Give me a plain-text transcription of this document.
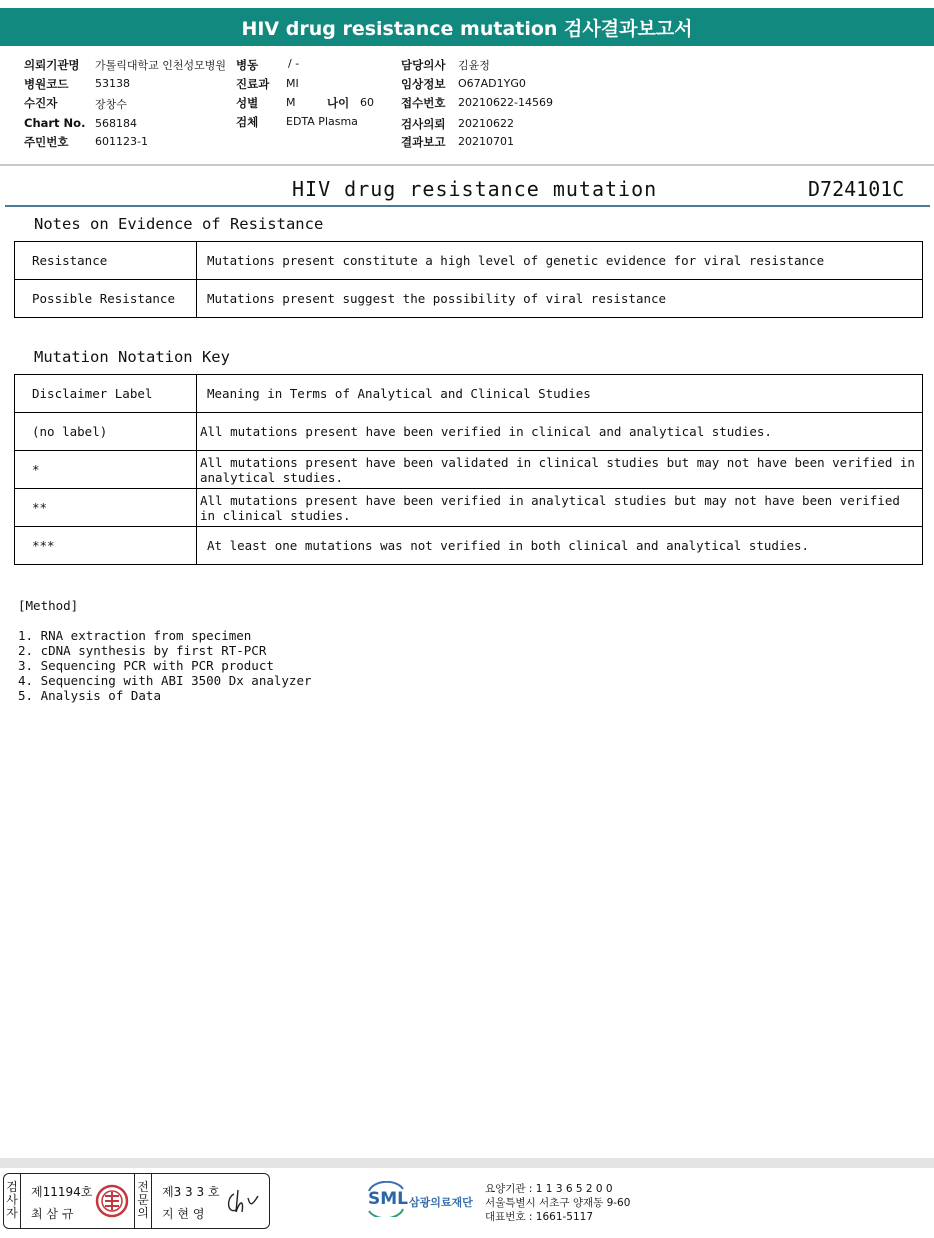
HIV drug resistance mutation 검사결과보고서
의뢰기관명 가톨릭대학교 인천성모병원
병원코드 53138
수진자	장창수
Chart No. 568184
주민번호 601123-1
병동	/ -
진료과 MI
성별	M	나이 60
검체	EDTA Plasma
담당의사 김윤정
임상정보 O67AD1YG0
접수번호 20210622-14569
검사의뢰 20210622
결과보고 20210701
HIV drug resistance mutation	D724101C
Notes on Evidence of Resistance
Resistance	Mutations present constitute a high level of genetic evidence for viral resistance
Possible Resistance	Mutations present suggest the possibility of viral resistance
Mutation Notation Key
Disclaimer Label	Meaning in Terms of Analytical and Clinical Studies
(no label)	All mutations present have been verified in clinical and analytical studies.
*	All mutations present have been validated in clinical studies but may not have been verified in analytical studies.
**	All mutations present have been verified in analytical studies but may not have been verified in clinical studies.
***	At least one mutations was not verified in both clinical and analytical studies.
[Method]
1. RNA extraction from specimen
2. cDNA synthesis by first RT-PCR
3. Sequencing PCR with PCR product
4. Sequencing with ABI 3500 Dx analyzer
5. Analysis of Data
검
사
자
제11194호
최 삼 규
전
문
의
제3 3 3 호
지 현 영
SML 삼광의료재단
요양기관 : 1 1 3 6 5 2 0 0
서울특별시 서초구 양재동 9-60
대표번호 : 1661-5117
